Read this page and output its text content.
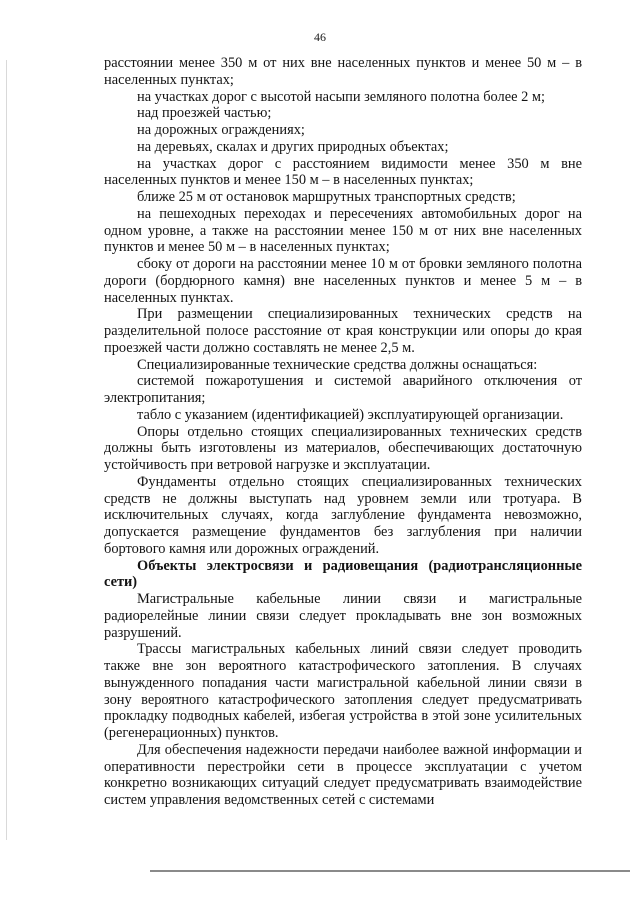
46

расстоянии менее 350 м от них вне населенных пунктов и менее 50 м – в населенных пунктах;

на участках дорог с высотой насыпи земляного полотна более 2 м;

над проезжей частью;

на дорожных ограждениях;

на деревьях, скалах и других природных объектах;

на участках дорог с расстоянием видимости менее 350 м вне населенных пунктов и менее 150 м – в населенных пунктах;

ближе 25 м от остановок маршрутных транспортных средств;

на пешеходных переходах и пересечениях автомобильных дорог на одном уровне, а также на расстоянии менее 150 м от них вне населенных пунктов и менее 50 м – в населенных пунктах;

сбоку от дороги на расстоянии менее 10 м от бровки земляного полотна дороги (бордюрного камня) вне населенных пунктов и менее 5 м – в населенных пунктах.

При размещении специализированных технических средств на разделительной полосе расстояние от края конструкции или опоры до края проезжей части должно составлять не менее 2,5 м.

Специализированные технические средства должны оснащаться:

системой пожаротушения и системой аварийного отключения от электропитания;

табло с указанием (идентификацией) эксплуатирующей организации.

Опоры отдельно стоящих специализированных технических средств должны быть изготовлены из материалов, обеспечивающих достаточную устойчивость при ветровой нагрузке и эксплуатации.

Фундаменты отдельно стоящих специализированных технических средств не должны выступать над уровнем земли или тротуара. В исключительных случаях, когда заглубление фундамента невозможно, допускается размещение фундаментов без заглубления при наличии бортового камня или дорожных ограждений.

Объекты электросвязи и радиовещания (радиотрансляционные сети)

Магистральные кабельные линии связи и магистральные радиорелейные линии связи следует прокладывать вне зон возможных разрушений.

Трассы магистральных кабельных линий связи следует проводить также вне зон вероятного катастрофического затопления. В случаях вынужденного попадания части магистральной кабельной линии связи в зону вероятного катастрофического затопления следует предусматривать прокладку подводных кабелей, избегая устройства в этой зоне усилительных (регенерационных) пунктов.

Для обеспечения надежности передачи наиболее важной информации и оперативности перестройки сети в процессе эксплуатации с учетом конкретно возникающих ситуаций следует предусматривать взаимодействие систем управления ведомственных сетей с системами
